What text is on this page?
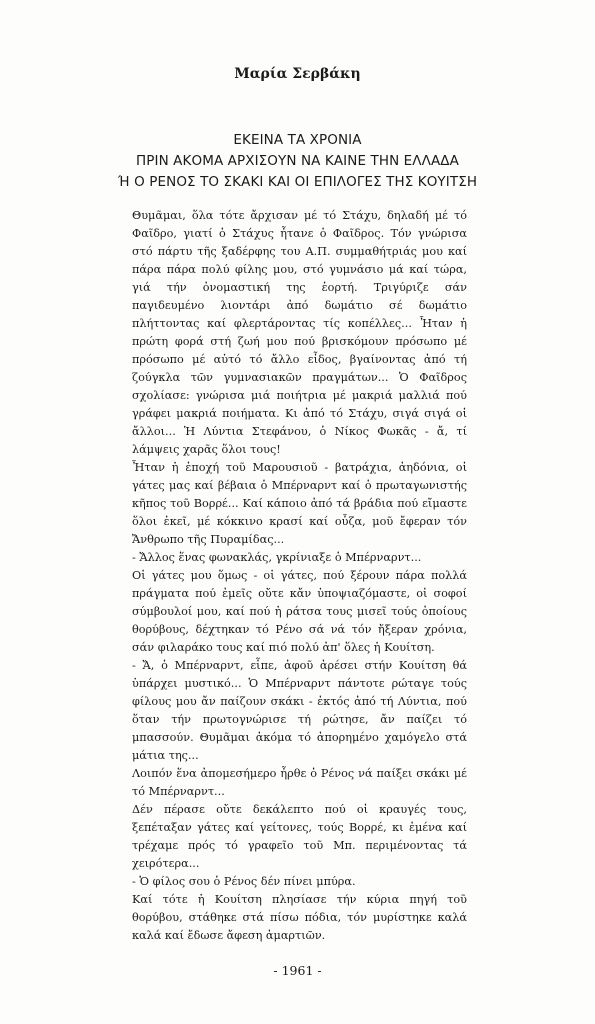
Μαρία Σερβάκη
ΕΚΕΙΝΑ ΤΑ ΧΡΟΝΙΑ
ΠΡΙΝ ΑΚΟΜΑ ΑΡΧΙΣΟΥΝ ΝΑ ΚΑΙΝΕ ΤΗΝ ΕΛΛΑΔΑ
Ή Ο ΡΕΝΟΣ ΤΟ ΣΚΑΚΙ ΚΑΙ ΟΙ ΕΠΙΛΟΓΕΣ ΤΗΣ ΚΟΥΙΤΣΗ

Θυμᾶμαι, ὅλα τότε ἄρχισαν μέ τό Στάχυ, δηλαδή μέ τό Φαῖδρο, γιατί ὁ Στάχυς ἦτανε ὁ Φαῖδρος. Τόν γνώρισα στό πάρτυ τῆς ξαδέρφης του Α.Π. συμμαθήτριάς μου καί πάρα πάρα πολύ φίλης μου, στό γυμνάσιο μά καί τώρα, γιά τήν ὀνομαστική της ἑορτή. Τριγύριζε σάν παγιδευμένο λιοντάρι ἀπό δωμάτιο σέ δωμάτιο πλήττοντας καί φλερτάροντας τίς κοπέλλες... Ἦταν ἡ πρώτη φορά στή ζωή μου πού βρισκόμουν πρόσωπο μέ πρόσωπο μέ αὐτό τό ἄλλο εἶδος, βγαίνοντας ἀπό τή ζούγκλα τῶν γυμνασιακῶν πραγμάτων... Ὁ Φαῖδρος σχολίασε: γνώρισα μιά ποιήτρια μέ μακριά μαλλιά πού γράφει μακριά ποιήματα. Κι ἀπό τό Στάχυ, σιγά σιγά οἱ ἄλλοι... Ἡ Λύντια Στεφάνου, ὁ Νίκος Φωκᾶς - ἄ, τί λάμψεις χαρᾶς ὅλοι τους!

Ἦταν ἡ ἐποχή τοῦ Μαρουσιοῦ - βατράχια, ἀηδόνια, οἱ γάτες μας καί βέβαια ὁ Μπέρναρντ καί ὁ πρωταγωνιστής κῆπος τοῦ Βορρέ... Καί κάποιο ἀπό τά βράδια πού εἴμαστε ὅλοι ἐκεῖ, μέ κόκκινο κρασί καί οὖζα, μοῦ ἔφεραν τόν Ἄνθρωπο τῆς Πυραμίδας...

- Ἄλλος ἕνας φωνακλάς, γκρίνιαξε ὁ Μπέρναρντ...

Οἱ γάτες μου ὅμως - οἱ γάτες, πού ξέρουν πάρα πολλά πράγματα πού ἐμεῖς οὔτε κἄν ὑποψιαζόμαστε, οἱ σοφοί σύμβουλοί μου, καί πού ἡ ράτσα τους μισεῖ τούς ὁποίους θορύβους, δέχτηκαν τό Ρένο σά νά τόν ἤξεραν χρόνια, σάν φιλαράκο τους καί πιό πολύ ἀπ' ὅλες ἡ Κουίτση.

- Ἄ, ὁ Μπέρναρντ, εἶπε, ἀφοῦ ἀρέσει στήν Κουίτση θά ὑπάρχει μυστικό... Ὁ Μπέρναρντ πάντοτε ρώταγε τούς φίλους μου ἄν παίζουν σκάκι - ἐκτός ἀπό τή Λύντια, πού ὅταν τήν πρωτογνώρισε τή ρώτησε, ἄν παίζει τό μπασσούν. Θυμᾶμαι ἀκόμα τό ἀπορημένο χαμόγελο στά μάτια της...

Λοιπόν ἕνα ἀπομεσήμερο ἦρθε ὁ Ρένος νά παίξει σκάκι μέ τό Μπέρναρντ...

Δέν πέρασε οὔτε δεκάλεπτο πού οἱ κραυγές τους, ξεπέταξαν γάτες καί γείτονες, τούς Βορρέ, κι ἐμένα καί τρέχαμε πρός τό γραφεῖο τοῦ Μπ. περιμένοντας τά χειρότερα...

- Ὁ φίλος σου ὁ Ρένος δέν πίνει μπύρα.

Καί τότε ἡ Κουίτση πλησίασε τήν κύρια πηγή τοῦ θορύβου, στάθηκε στά πίσω πόδια, τόν μυρίστηκε καλά καλά καί ἔδωσε ἄφεση ἁμαρτιῶν.

- 1961 -
